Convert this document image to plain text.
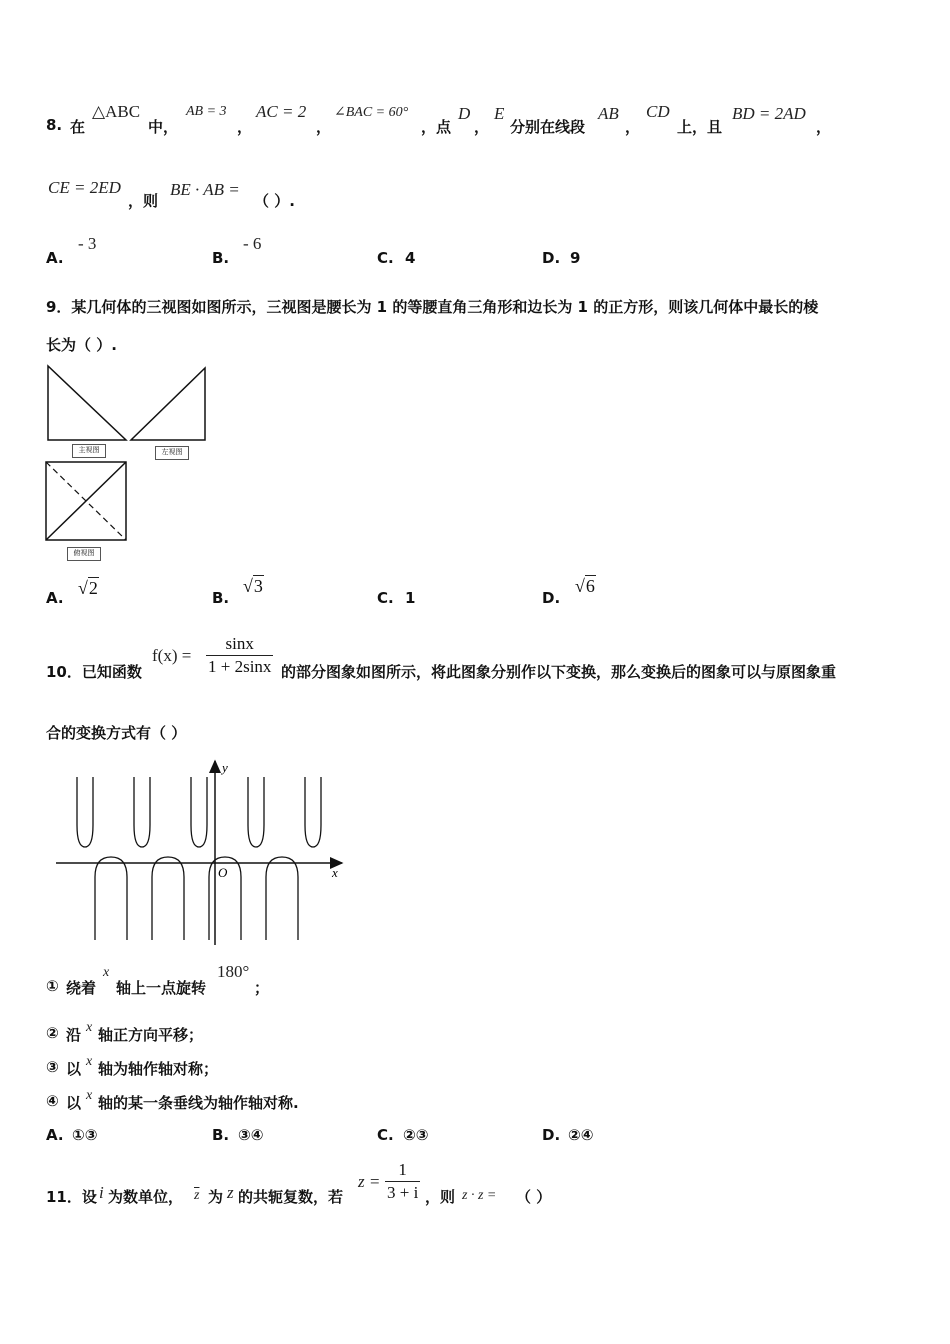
8. 在
△ABC
中，
AB = 3
，
AC = 2
，
∠BAC = 60°
，点
D
，
E
分别在线段
AB
，
CD
上，且
BD = 2AD
，
CE = 2ED
，则
BE · AB =
（ ）.
A.
- 3
B.
- 6
C. 4	D. 9
9．某几何体的三视图如图所示，三视图是腰长为 1 的等腰直角三角形和边长为 1 的正方形，则该几何体中最长的棱
长为（ ）.
主视图	左视图
俯视图
A. √2	B.
√3
C. 1	D.
√6
10．已知函数
$f(x) = \frac{\sin x}{1 + 2\sin x}$ 的部分图象如图所示，将此图象分别作以下变换，那么变换后的图象可以与原图象重
合的变换方式有（ ）
y
x
O
① 绕着
x
轴上一点旋转
180°
；
② 沿 x 轴正方向平移；
③ 以 x 轴为轴作轴对称；
④ 以 x 轴的某一条垂线为轴作轴对称.
A. ①③	B. ③④	C. ②③	D. ②④
11．设 i 为数单位， $\overline{z}$ 为 z 的共轭复数，若
$z = \frac{1}{3 + i}$ ，则 z · z = （ ）
